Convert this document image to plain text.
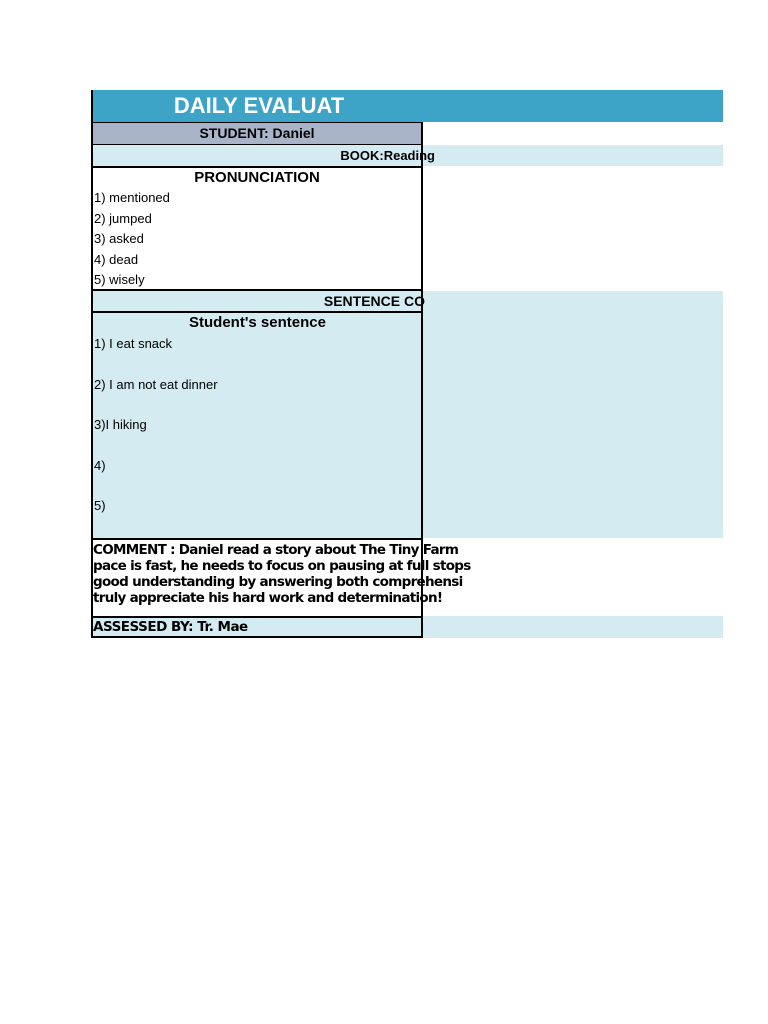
DAILY EVALUAT
STUDENT: Daniel
BOOK:Reading
PRONUNCIATION
1) mentioned
2) jumped
3) asked
4) dead
5) wisely
SENTENCE CO
Student's sentence
1) I eat snack
2) I am not eat dinner
3)I hiking
4)
5)
COMMENT : Daniel read a story about The Tiny Farm
pace is fast, he needs to focus on pausing at full stops
good understanding by answering both comprehensi
truly appreciate his hard work and determination!
ASSESSED BY: Tr. Mae
